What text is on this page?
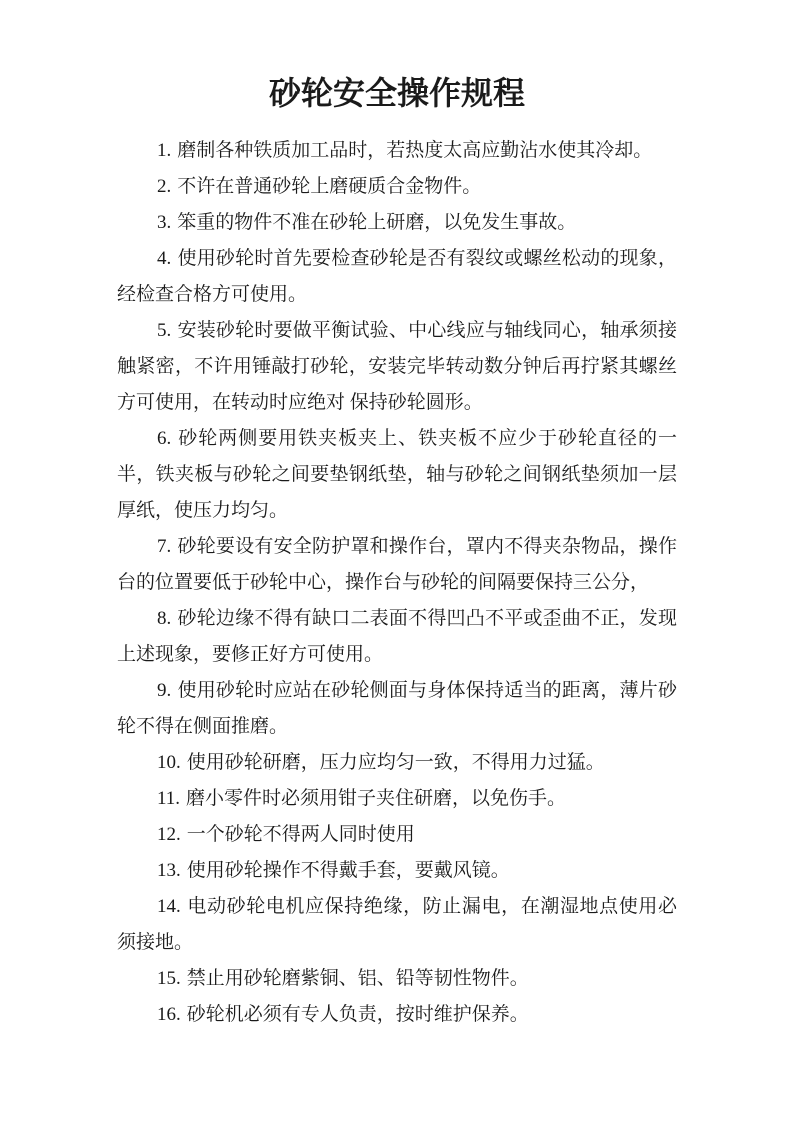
砂轮安全操作规程

1. 磨制各种铁质加工品时，若热度太高应勤沾水使其冷却。

2. 不许在普通砂轮上磨硬质合金物件。

3. 笨重的物件不准在砂轮上研磨，以免发生事故。

4. 使用砂轮时首先要检查砂轮是否有裂纹或螺丝松动的现象，经检查合格方可使用。

5. 安装砂轮时要做平衡试验、中心线应与轴线同心，轴承须接触紧密，不许用锤敲打砂轮，安装完毕转动数分钟后再拧紧其螺丝方可使用，在转动时应绝对 保持砂轮圆形。

6. 砂轮两侧要用铁夹板夹上、铁夹板不应少于砂轮直径的一半，铁夹板与砂轮之间要垫钢纸垫，轴与砂轮之间钢纸垫须加一层厚纸，使压力均匀。

7. 砂轮要设有安全防护罩和操作台，罩内不得夹杂物品，操作台的位置要低于砂轮中心，操作台与砂轮的间隔要保持三公分，

8. 砂轮边缘不得有缺口二表面不得凹凸不平或歪曲不正，发现上述现象，要修正好方可使用。

9. 使用砂轮时应站在砂轮侧面与身体保持适当的距离，薄片砂轮不得在侧面推磨。

10. 使用砂轮研磨，压力应均匀一致，不得用力过猛。

11. 磨小零件时必须用钳子夹住研磨，以免伤手。

12. 一个砂轮不得两人同时使用

13. 使用砂轮操作不得戴手套，要戴风镜。

14. 电动砂轮电机应保持绝缘，防止漏电，在潮湿地点使用必须接地。

15. 禁止用砂轮磨紫铜、铝、铅等韧性物件。

16. 砂轮机必须有专人负责，按时维护保养。
